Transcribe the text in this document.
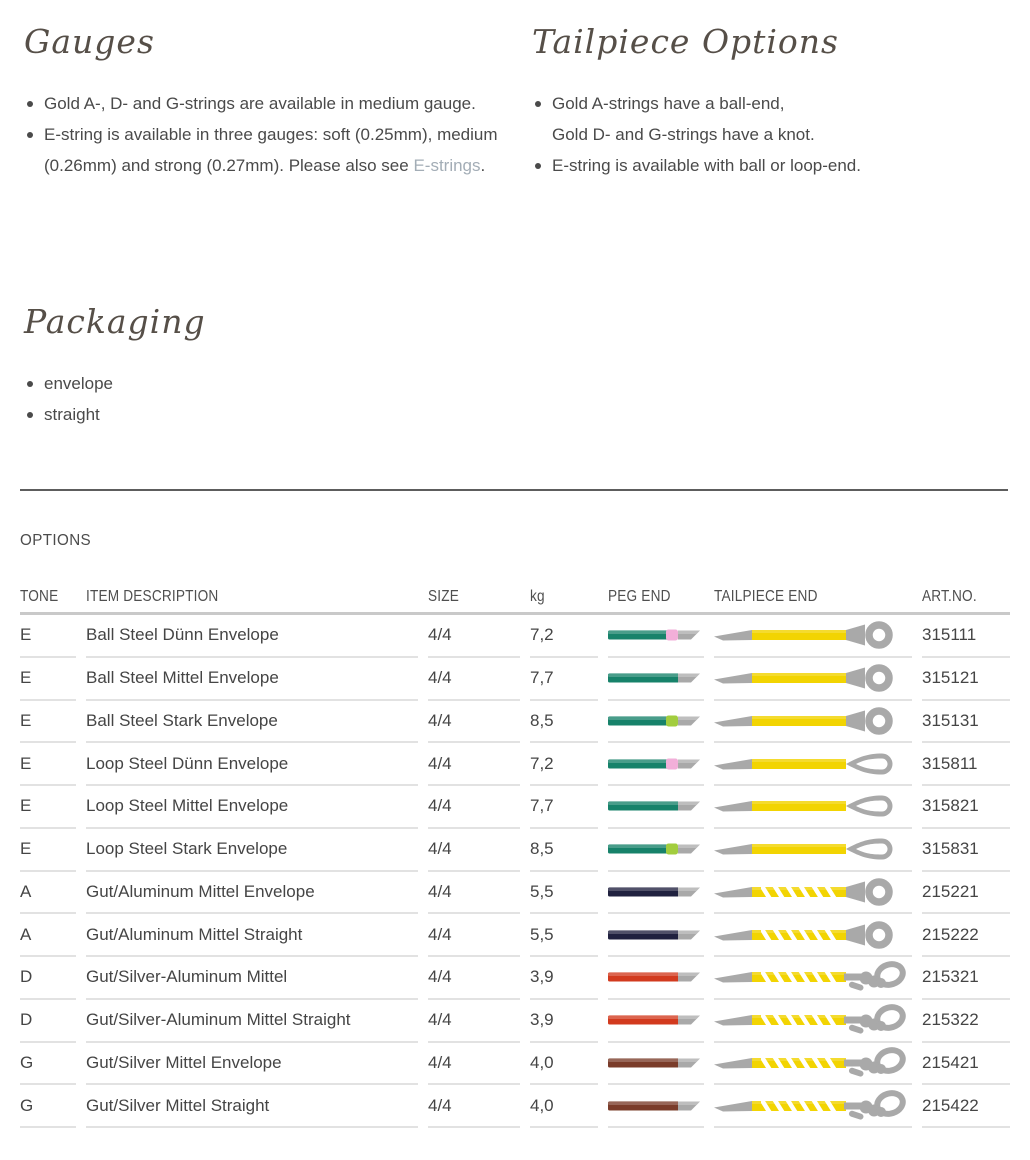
Gauges
Gold A-, D- and G-strings are available in medium gauge.
E-string is available in three gauges: soft (0.25mm), medium (0.26mm) and strong (0.27mm). Please also see E-strings.
Tailpiece Options
Gold A-strings have a ball-end,
Gold D- and G-strings have a knot.
E-string is available with ball or loop-end.
Packaging
envelope
straight
OPTIONS
TONE	ITEM DESCRIPTION	SIZE	kg	PEG END	TAILPIECE END	ART.NO.
E	Ball Steel Dünn Envelope	4/4	7,2	315111
E	Ball Steel Mittel Envelope	4/4	7,7	315121
E	Ball Steel Stark Envelope	4/4	8,5	315131
E	Loop Steel Dünn Envelope	4/4	7,2	315811
E	Loop Steel Mittel Envelope	4/4	7,7	315821
E	Loop Steel Stark Envelope	4/4	8,5	315831
A	Gut/Aluminum Mittel Envelope	4/4	5,5	215221
A	Gut/Aluminum Mittel Straight	4/4	5,5	215222
D	Gut/Silver-Aluminum Mittel	4/4	3,9	215321
D	Gut/Silver-Aluminum Mittel Straight	4/4	3,9	215322
G	Gut/Silver Mittel Envelope	4/4	4,0	215421
G	Gut/Silver Mittel Straight	4/4	4,0	215422
